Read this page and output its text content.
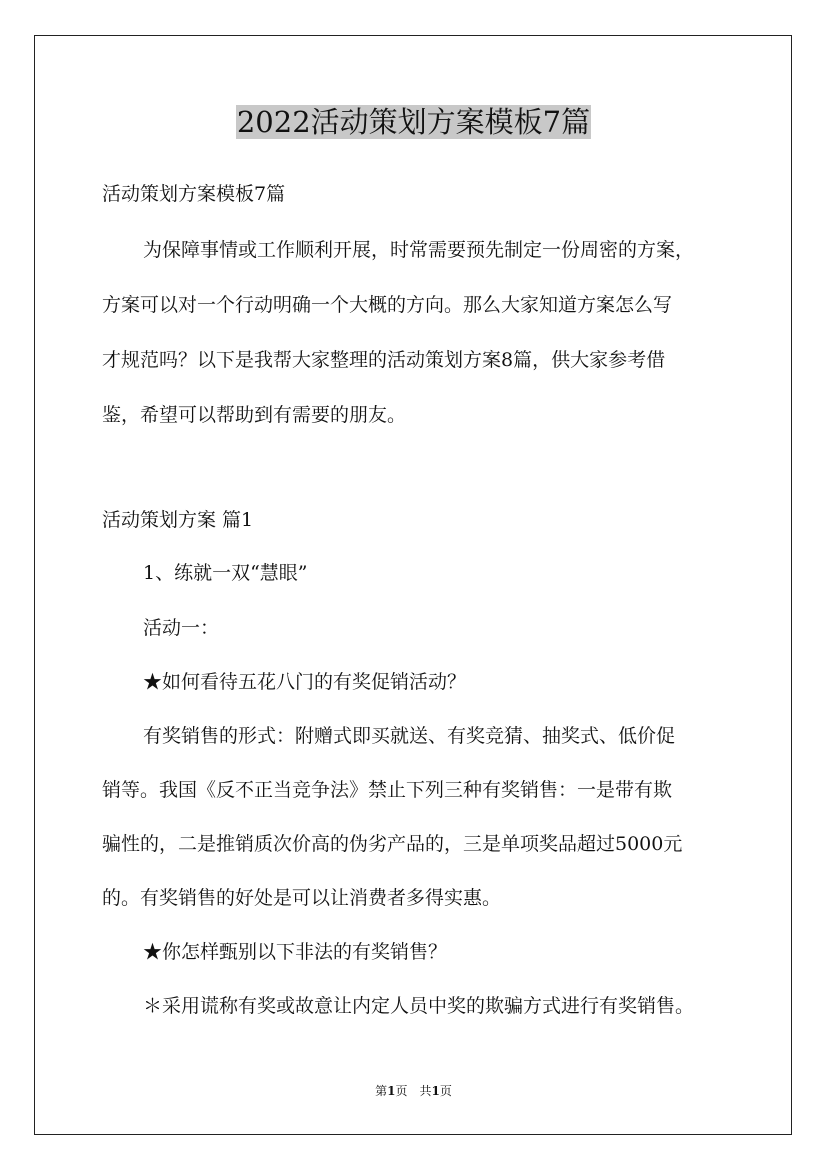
2022活动策划方案模板7篇

活动策划方案模板7篇

为保障事情或工作顺利开展，时常需要预先制定一份周密的方案，

方案可以对一个行动明确一个大概的方向。那么大家知道方案怎么写

才规范吗？以下是我帮大家整理的活动策划方案8篇，供大家参考借

鉴，希望可以帮助到有需要的朋友。

活动策划方案 篇1

1、练就一双“慧眼”

活动一：

★如何看待五花八门的有奖促销活动？

有奖销售的形式：附赠式即买就送、有奖竞猜、抽奖式、低价促

销等。我国《反不正当竞争法》禁止下列三种有奖销售：一是带有欺

骗性的，二是推销质次价高的伪劣产品的，三是单项奖品超过5000元

的。有奖销售的好处是可以让消费者多得实惠。

★你怎样甄别以下非法的有奖销售？

＊采用谎称有奖或故意让内定人员中奖的欺骗方式进行有奖销售。

第1页　共1页
